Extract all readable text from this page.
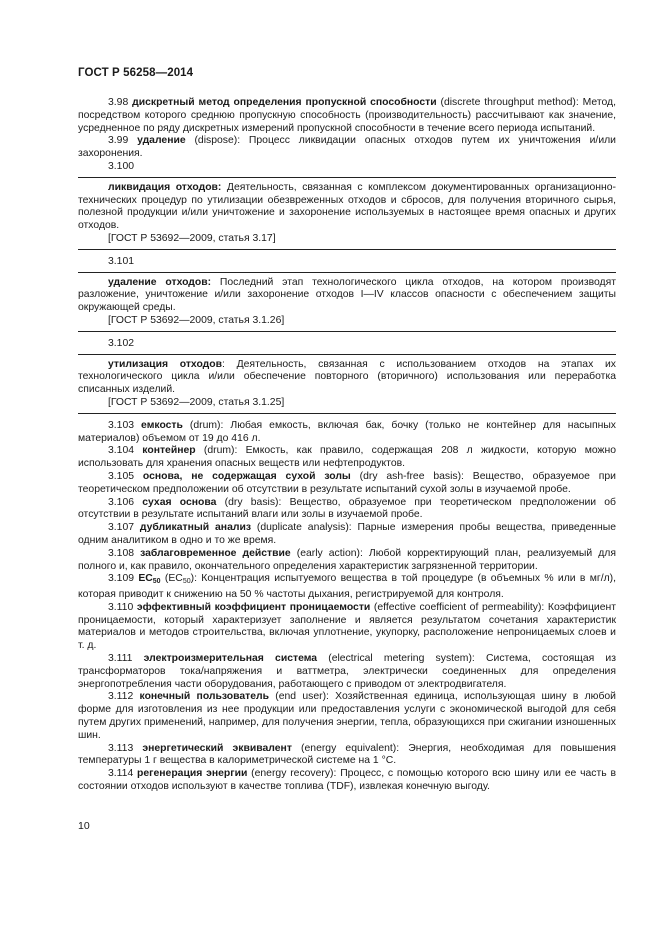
ГОСТ Р 56258—2014

3.98 дискретный метод определения пропускной способности (discrete throughput method): Метод, посредством которого среднюю пропускную способность (производительность) рассчитывают как значение, усредненное по ряду дискретных измерений пропускной способности в течение всего периода испытаний.

3.99 удаление (dispose): Процесс ликвидации опасных отходов путем их уничтожения и/или захоронения.

3.100

ликвидация отходов: Деятельность, связанная с комплексом документированных организационно-технических процедур по утилизации обезвреженных отходов и сбросов, для получения вторичного сырья, полезной продукции и/или уничтожение и захоронение используемых в настоящее время опасных и других отходов.

[ГОСТ Р 53692—2009, статья 3.17]

3.101

удаление отходов: Последний этап технологического цикла отходов, на котором производят разложение, уничтожение и/или захоронение отходов I—IV классов опасности с обеспечением защиты окружающей среды.

[ГОСТ Р 53692—2009, статья 3.1.26]

3.102

утилизация отходов: Деятельность, связанная с использованием отходов на этапах их технологического цикла и/или обеспечение повторного (вторичного) использования или переработка списанных изделий.

[ГОСТ Р 53692—2009, статья 3.1.25]

3.103 емкость (drum): Любая емкость, включая бак, бочку (только не контейнер для насыпных материалов) объемом от 19 до 416 л.

3.104 контейнер (drum): Емкость, как правило, содержащая 208 л жидкости, которую можно использовать для хранения опасных веществ или нефтепродуктов.

3.105 основа, не содержащая сухой золы (dry ash-free basis): Вещество, образуемое при теоретическом предположении об отсутствии в результате испытаний сухой золы в изучаемой пробе.

3.106 сухая основа (dry basis): Вещество, образуемое при теоретическом предположении об отсутствии в результате испытаний влаги или золы в изучаемой пробе.

3.107 дубликатный анализ (duplicate analysis): Парные измерения пробы вещества, приведенные одним аналитиком в одно и то же время.

3.108 заблаговременное действие (early action): Любой корректирующий план, реализуемый для полного и, как правило, окончательного определения характеристик загрязненной территории.

3.109 EC50 $(EC_{50})$: Концентрация испытуемого вещества в той процедуре (в объемных % или в мг/л), которая приводит к снижению на 50 % частоты дыхания, регистрируемой для контроля.

3.110 эффективный коэффициент проницаемости (effective coefficient of permeability): Коэффициент проницаемости, который характеризует заполнение и является результатом сочетания характеристик материалов и методов строительства, включая уплотнение, укупорку, расположение непроницаемых слоев и т. д.

3.111 электроизмерительная система (electrical metering system): Система, состоящая из трансформаторов тока/напряжения и ваттметра, электрически соединенных для определения энергопотребления части оборудования, работающего с приводом от электродвигателя.

3.112 конечный пользователь (end user): Хозяйственная единица, использующая шину в любой форме для изготовления из нее продукции или предоставления услуги с экономической выгодой для себя путем других применений, например, для получения энергии, тепла, образующихся при сжигании изношенных шин.

3.113 энергетический эквивалент (energy equivalent): Энергия, необходимая для повышения температуры 1 г вещества в калориметрической системе на 1 °C.

3.114 регенерация энергии (energy recovery): Процесс, с помощью которого всю шину или ее часть в состоянии отходов используют в качестве топлива (TDF), извлекая конечную выгоду.

10
